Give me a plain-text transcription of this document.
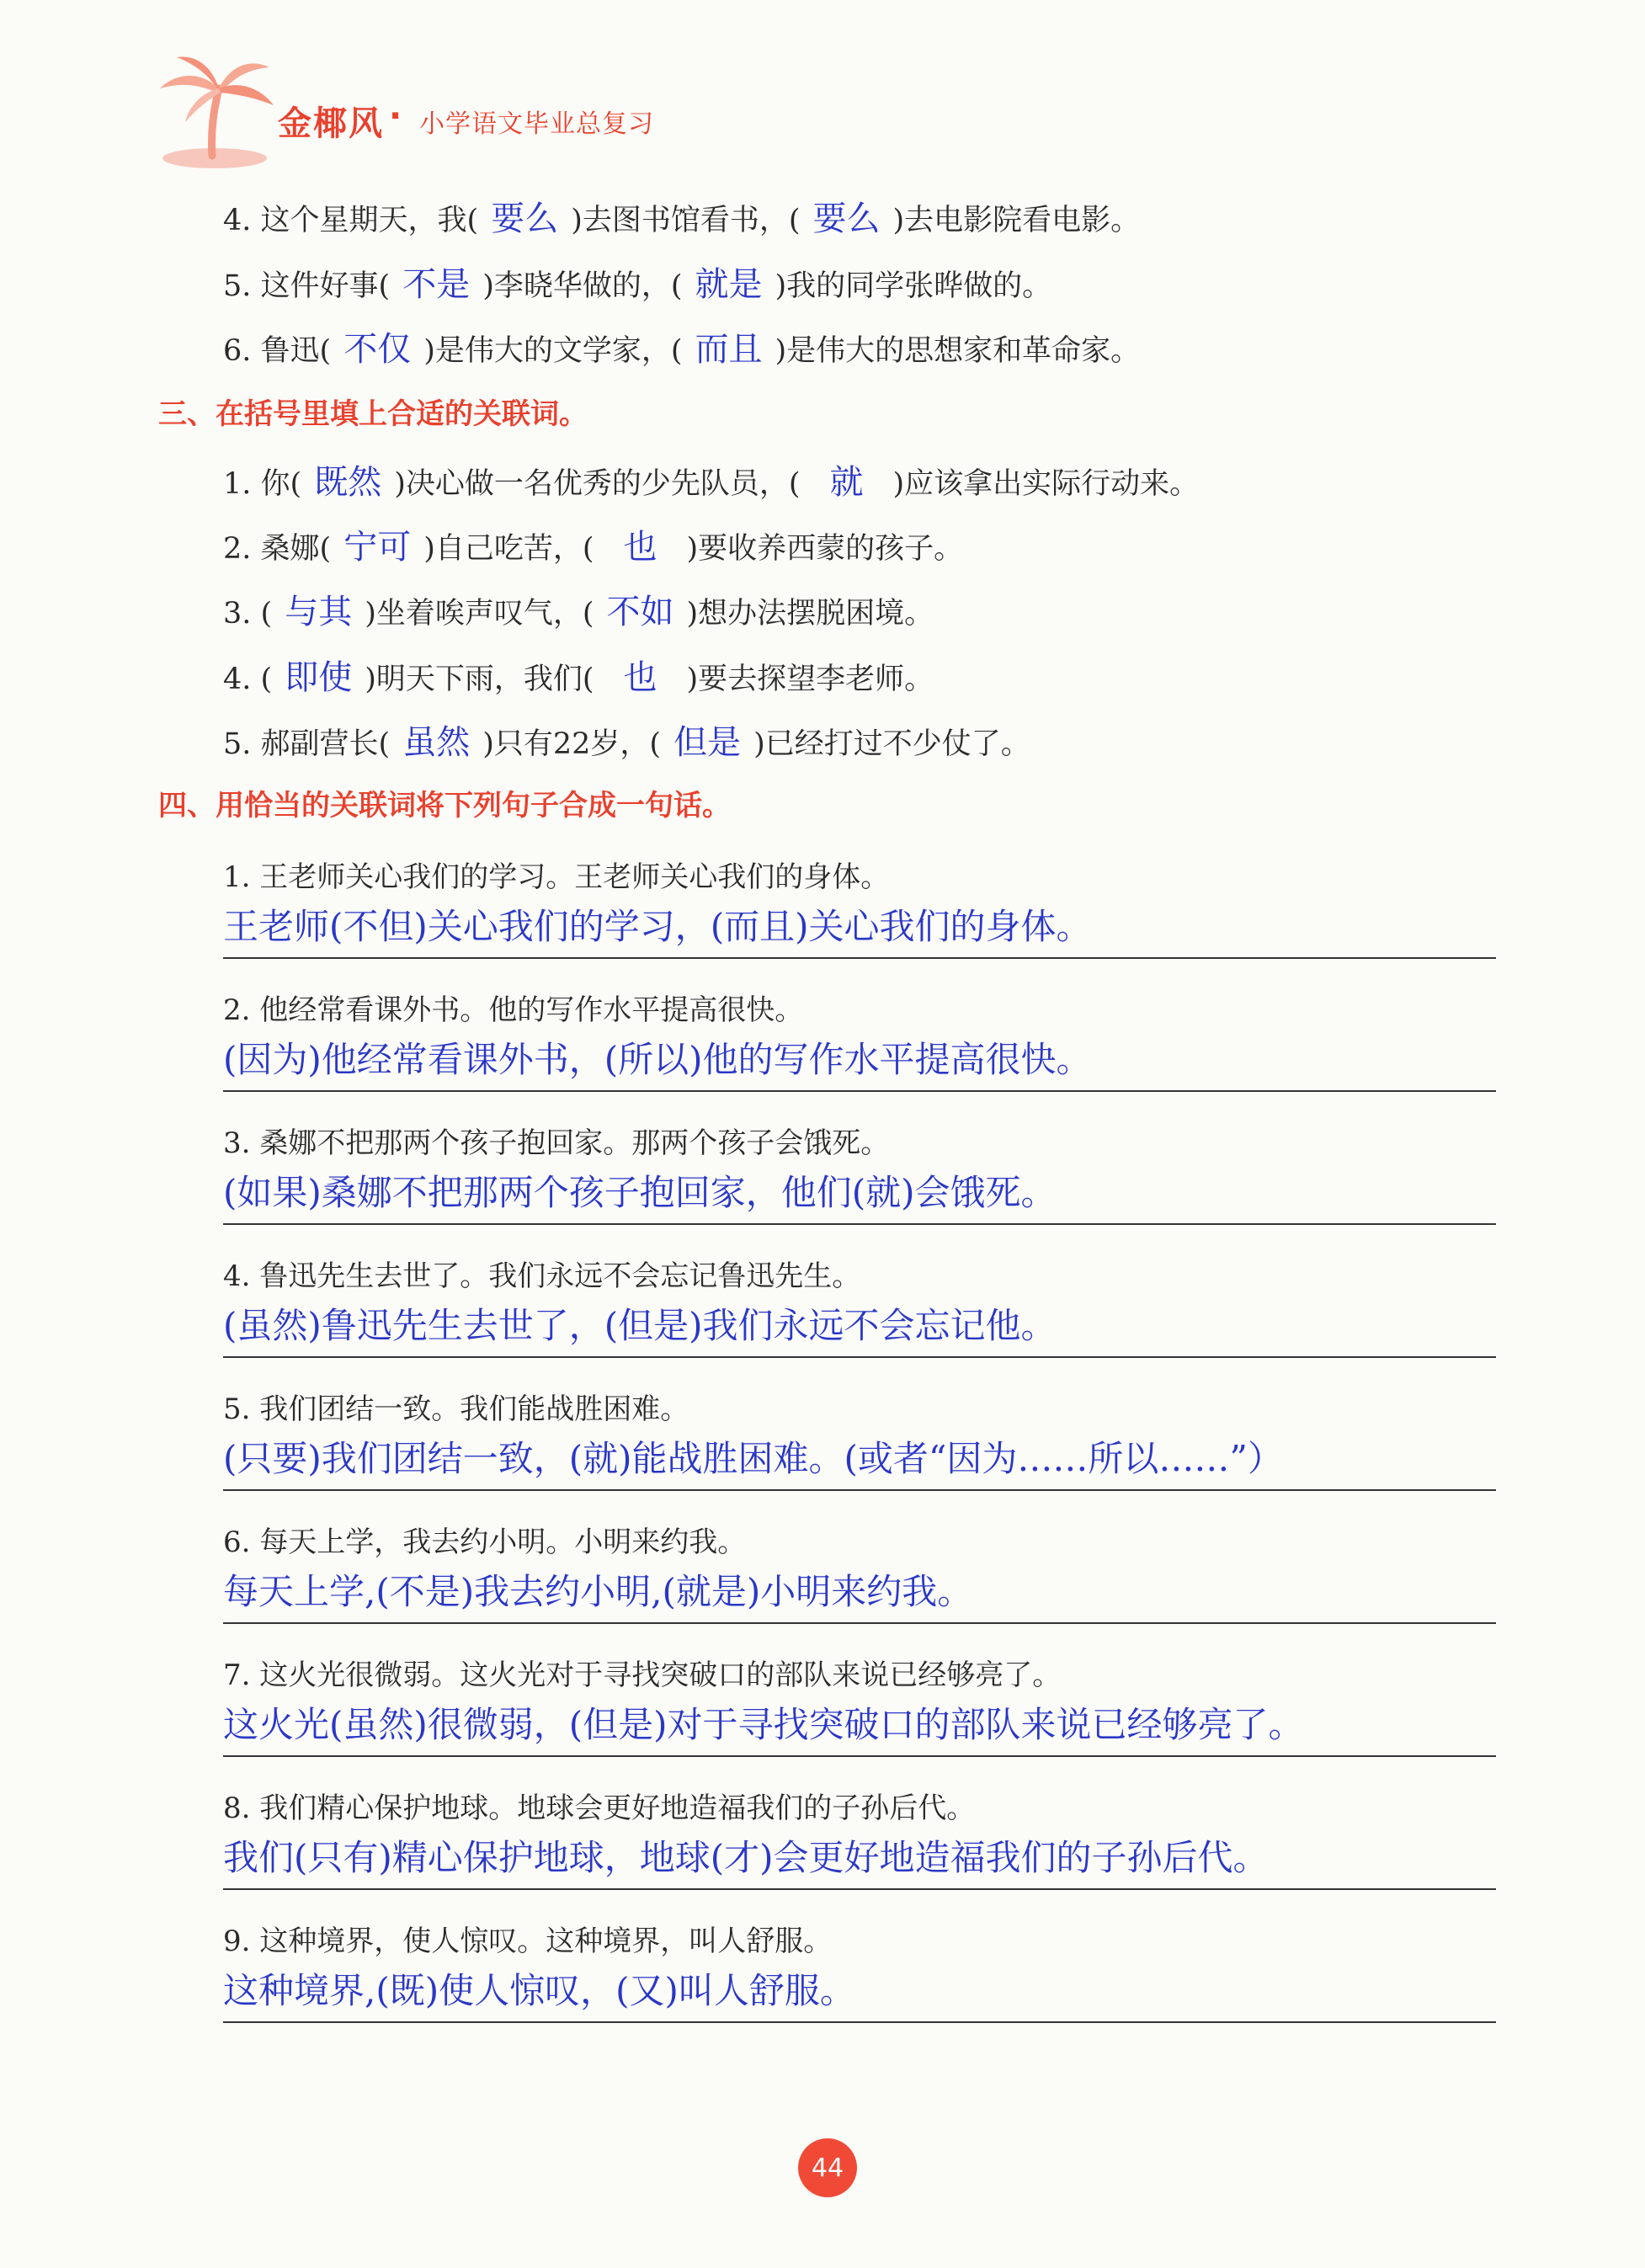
金椰风 · 小学语文毕业总复习
4. 这个星期天，我( 要么 )去图书馆看书，( 要么 )去电影院看电影。
5. 这件好事( 不是 )李晓华做的，( 就是 )我的同学张晔做的。
6. 鲁迅( 不仅 )是伟大的文学家，( 而且 )是伟大的思想家和革命家。
三、在括号里填上合适的关联词。
1. 你( 既然 )决心做一名优秀的少先队员，( 就 )应该拿出实际行动来。
2. 桑娜( 宁可 )自己吃苦，( 也 )要收养西蒙的孩子。
3. ( 与其 )坐着唉声叹气，( 不如 )想办法摆脱困境。
4. ( 即使 )明天下雨，我们( 也 )要去探望李老师。
5. 郝副营长( 虽然 )只有22岁，( 但是 )已经打过不少仗了。
四、用恰当的关联词将下列句子合成一句话。
1. 王老师关心我们的学习。王老师关心我们的身体。
王老师(不但)关心我们的学习，(而且)关心我们的身体。
2. 他经常看课外书。他的写作水平提高很快。
(因为)他经常看课外书，(所以)他的写作水平提高很快。
3. 桑娜不把那两个孩子抱回家。那两个孩子会饿死。
(如果)桑娜不把那两个孩子抱回家，他们(就)会饿死。
4. 鲁迅先生去世了。我们永远不会忘记鲁迅先生。
(虽然)鲁迅先生去世了，(但是)我们永远不会忘记他。
5. 我们团结一致。我们能战胜困难。
(只要)我们团结一致，(就)能战胜困难。(或者“因为……所以……”）
6. 每天上学，我去约小明。小明来约我。
每天上学,(不是)我去约小明,(就是)小明来约我。
7. 这火光很微弱。这火光对于寻找突破口的部队来说已经够亮了。
这火光(虽然)很微弱，(但是)对于寻找突破口的部队来说已经够亮了。
8. 我们精心保护地球。地球会更好地造福我们的子孙后代。
我们(只有)精心保护地球，地球(才)会更好地造福我们的子孙后代。
9. 这种境界，使人惊叹。这种境界，叫人舒服。
这种境界,(既)使人惊叹，(又)叫人舒服。
44
